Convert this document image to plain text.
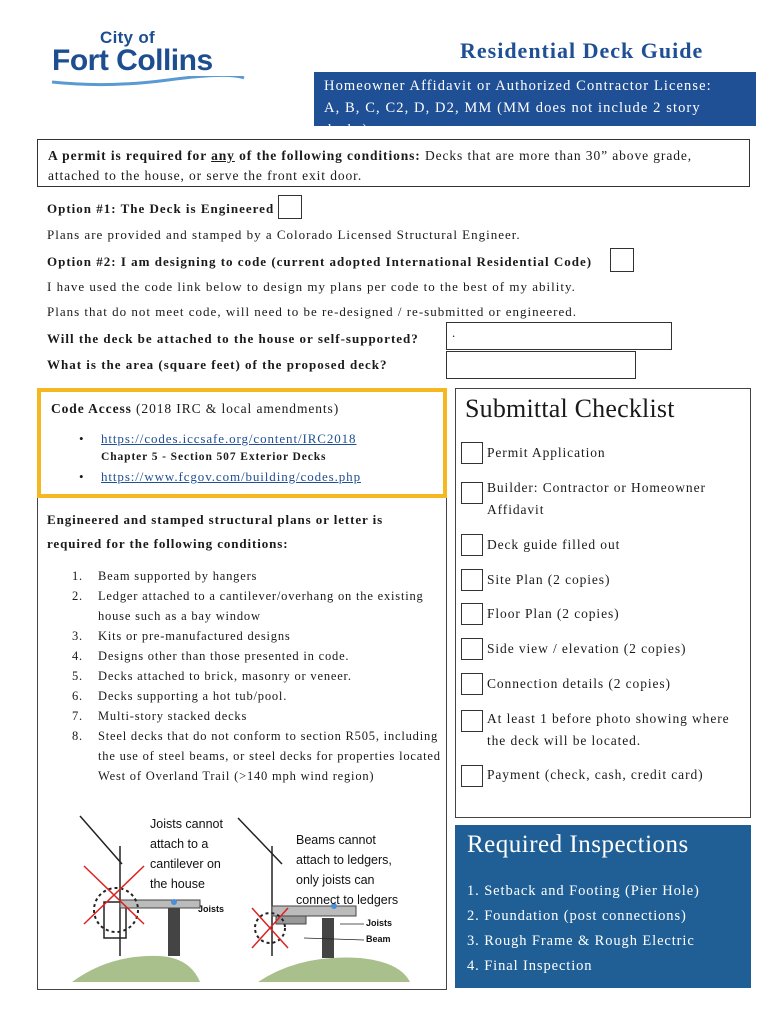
City of
Fort Collins	Residential Deck Guide
Homeowner Affidavit or Authorized Contractor License:
A, B, C, C2, D, D2, MM (MM does not include 2 story decks)
A permit is required for any of the following conditions: Decks that are more than 30” above grade, attached to the house, or serve the front exit door.
Option #1: The Deck is Engineered
Plans are provided and stamped by a Colorado Licensed Structural Engineer.
Option #2: I am designing to code (current adopted International Residential Code)
I have used the code link below to design my plans per code to the best of my ability.
Plans that do not meet code, will need to be re-designed / re-submitted or engineered.
Will the deck be attached to the house or self-supported?	.
What is the area (square feet) of the proposed deck?
Code Access (2018 IRC & local amendments)
• https://codes.iccsafe.org/content/IRC2018
Chapter 5 - Section 507 Exterior Decks
• https://www.fcgov.com/building/codes.php
Engineered and stamped structural plans or letter is
required for the following conditions:
1. Beam supported by hangers
2. Ledger attached to a cantilever/overhang on the existing house such as a bay window
3. Kits or pre-manufactured designs
4. Designs other than those presented in code.
5. Decks attached to brick, masonry or veneer.
6. Decks supporting a hot tub/pool.
7. Multi-story stacked decks
8. Steel decks that do not conform to section R505, including the use of steel beams, or steel decks for properties located West of Overland Trail (>140 mph wind region)
Joists cannot
attach to a
cantilever on
the house
Joists
Beams cannot
attach to ledgers,
only joists can
connect to ledgers
Joists
Beam
Submittal Checklist
Permit Application
Builder: Contractor or Homeowner Affidavit
Deck guide filled out
Site Plan (2 copies)
Floor Plan (2 copies)
Side view / elevation (2 copies)
Connection details (2 copies)
At least 1 before photo showing where the deck will be located.
Payment (check, cash, credit card)
Required Inspections
1. Setback and Footing (Pier Hole)
2. Foundation (post connections)
3. Rough Frame & Rough Electric
4. Final Inspection
